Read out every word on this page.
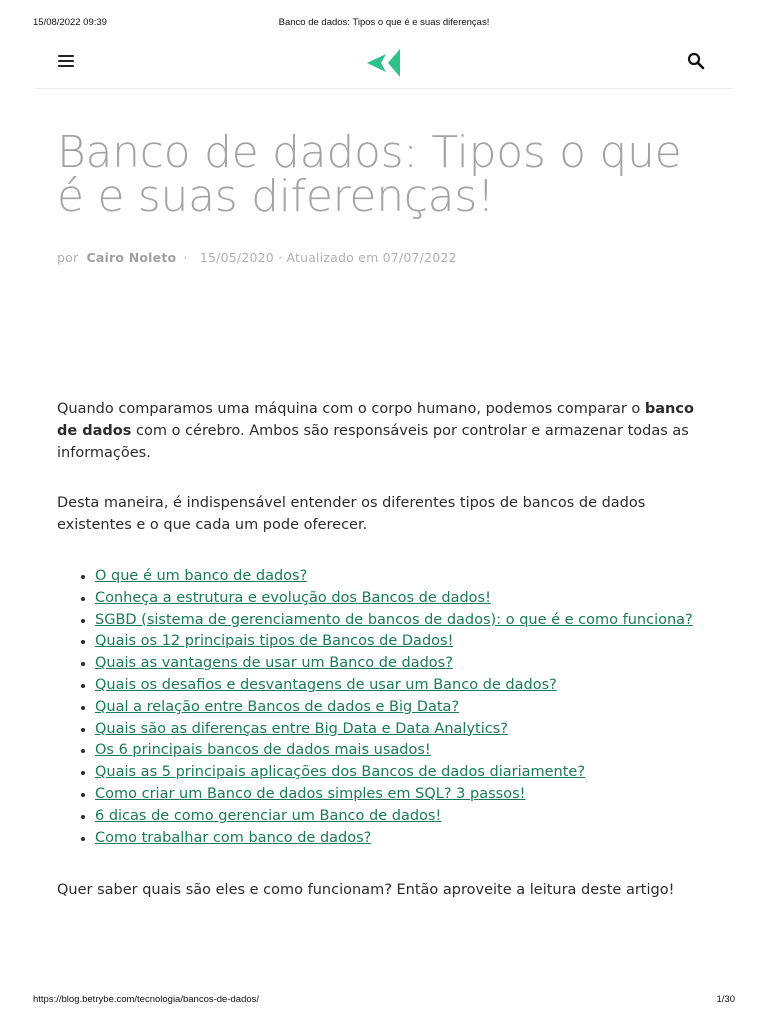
15/08/2022 09:39	Banco de dados: Tipos o que é e suas diferenças!
Banco de dados: Tipos o que é e suas diferenças!
por Cairo Noleto · 15/05/2020 · Atualizado em 07/07/2022

Quando comparamos uma máquina com o corpo humano, podemos comparar o banco de dados com o cérebro. Ambos são responsáveis por controlar e armazenar todas as informações.

Desta maneira, é indispensável entender os diferentes tipos de bancos de dados existentes e o que cada um pode oferecer.

• O que é um banco de dados?
• Conheça a estrutura e evolução dos Bancos de dados!
• SGBD (sistema de gerenciamento de bancos de dados): o que é e como funciona?
• Quais os 12 principais tipos de Bancos de Dados!
• Quais as vantagens de usar um Banco de dados?
• Quais os desafios e desvantagens de usar um Banco de dados?
• Qual a relação entre Bancos de dados e Big Data?
• Quais são as diferenças entre Big Data e Data Analytics?
• Os 6 principais bancos de dados mais usados!
• Quais as 5 principais aplicações dos Bancos de dados diariamente?
• Como criar um Banco de dados simples em SQL? 3 passos!
• 6 dicas de como gerenciar um Banco de dados!
• Como trabalhar com banco de dados?

Quer saber quais são eles e como funcionam? Então aproveite a leitura deste artigo!

https://blog.betrybe.com/tecnologia/bancos-de-dados/	1/30
